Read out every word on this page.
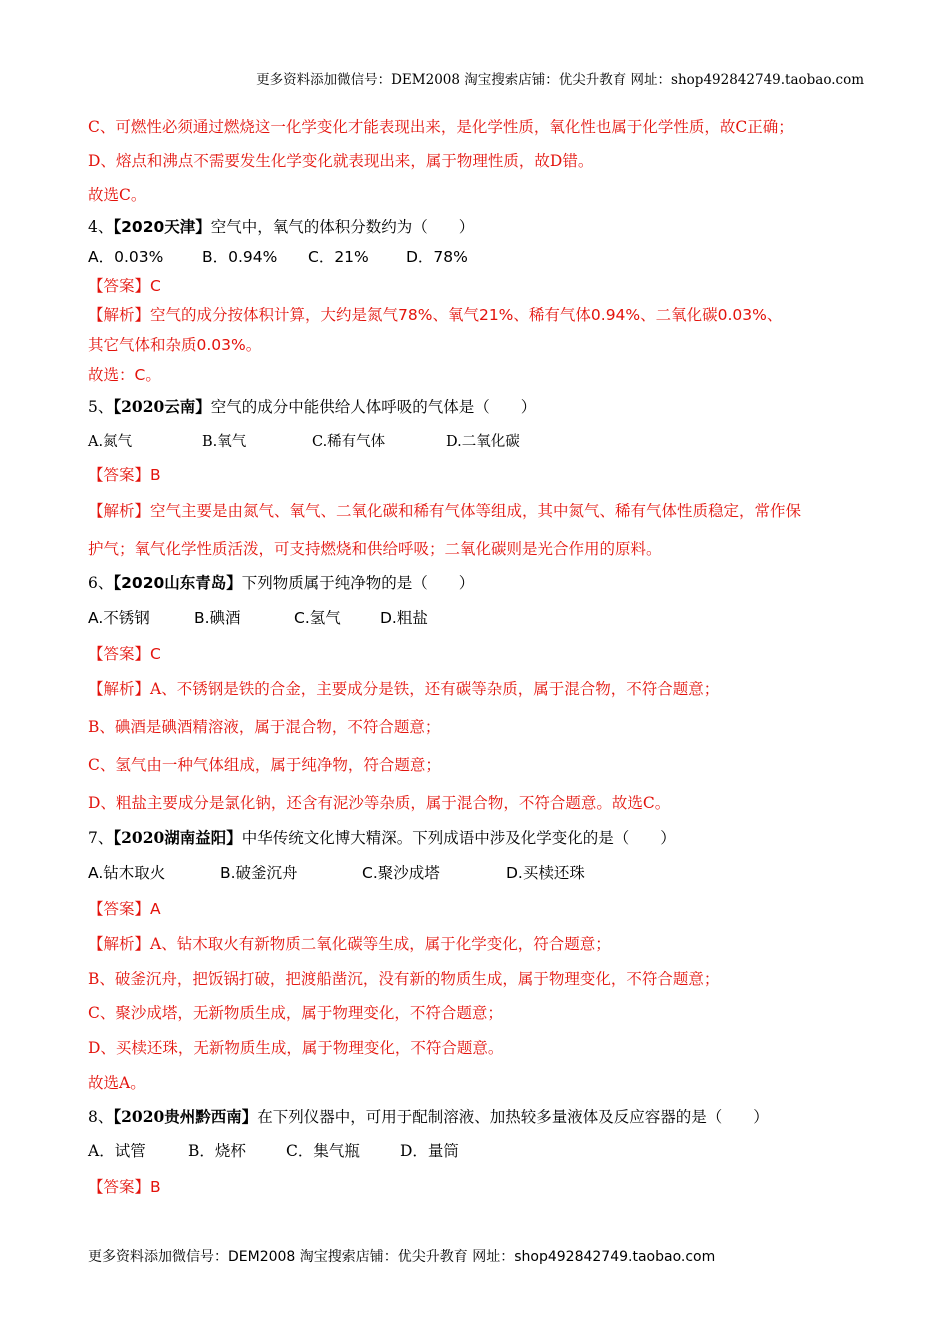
更多资料添加微信号：DEM2008 淘宝搜索店铺：优尖升教育 网址：shop492842749.taobao.com
C、可燃性必须通过燃烧这一化学变化才能表现出来，是化学性质，氧化性也属于化学性质，故C正确；
D、熔点和沸点不需要发生化学变化就表现出来，属于物理性质，故D错。
故选C。
4、【2020天津】空气中，氧气的体积分数约为（　　）
A．0.03% B．0.94% C．21% D．78%
【答案】C
【解析】空气的成分按体积计算，大约是氮气78%、氧气21%、稀有气体0.94%、二氧化碳0.03%、
其它气体和杂质0.03%。
故选：C。
5、【2020云南】空气的成分中能供给人体呼吸的气体是（　　）
A.氮气	B.氧气	C.稀有气体	D.二氧化碳
【答案】B
【解析】空气主要是由氮气、氧气、二氧化碳和稀有气体等组成，其中氮气、稀有气体性质稳定，常作保
护气；氧气化学性质活泼，可支持燃烧和供给呼吸；二氧化碳则是光合作用的原料。
6、【2020山东青岛】下列物质属于纯净物的是（　　）
A.不锈钢	B.碘酒	C.氢气	D.粗盐
【答案】C
【解析】A、不锈钢是铁的合金，主要成分是铁，还有碳等杂质，属于混合物，不符合题意；
B、碘酒是碘酒精溶液，属于混合物，不符合题意；
C、氢气由一种气体组成，属于纯净物，符合题意；
D、粗盐主要成分是氯化钠，还含有泥沙等杂质，属于混合物，不符合题意。故选C。
7、【2020湖南益阳】中华传统文化博大精深。下列成语中涉及化学变化的是（　　）
A.钻木取火	B.破釜沉舟	C.聚沙成塔	D.买椟还珠
【答案】A
【解析】A、钻木取火有新物质二氧化碳等生成，属于化学变化，符合题意；
B、破釜沉舟，把饭锅打破，把渡船凿沉，没有新的物质生成，属于物理变化，不符合题意；
C、聚沙成塔，无新物质生成，属于物理变化，不符合题意；
D、买椟还珠，无新物质生成，属于物理变化，不符合题意。
故选A。
8、【2020贵州黔西南】在下列仪器中，可用于配制溶液、加热较多量液体及反应容器的是（　　）
A．试管	B．烧杯	C．集气瓶	D．量筒
【答案】B
更多资料添加微信号：DEM2008 淘宝搜索店铺：优尖升教育 网址：shop492842749.taobao.com
